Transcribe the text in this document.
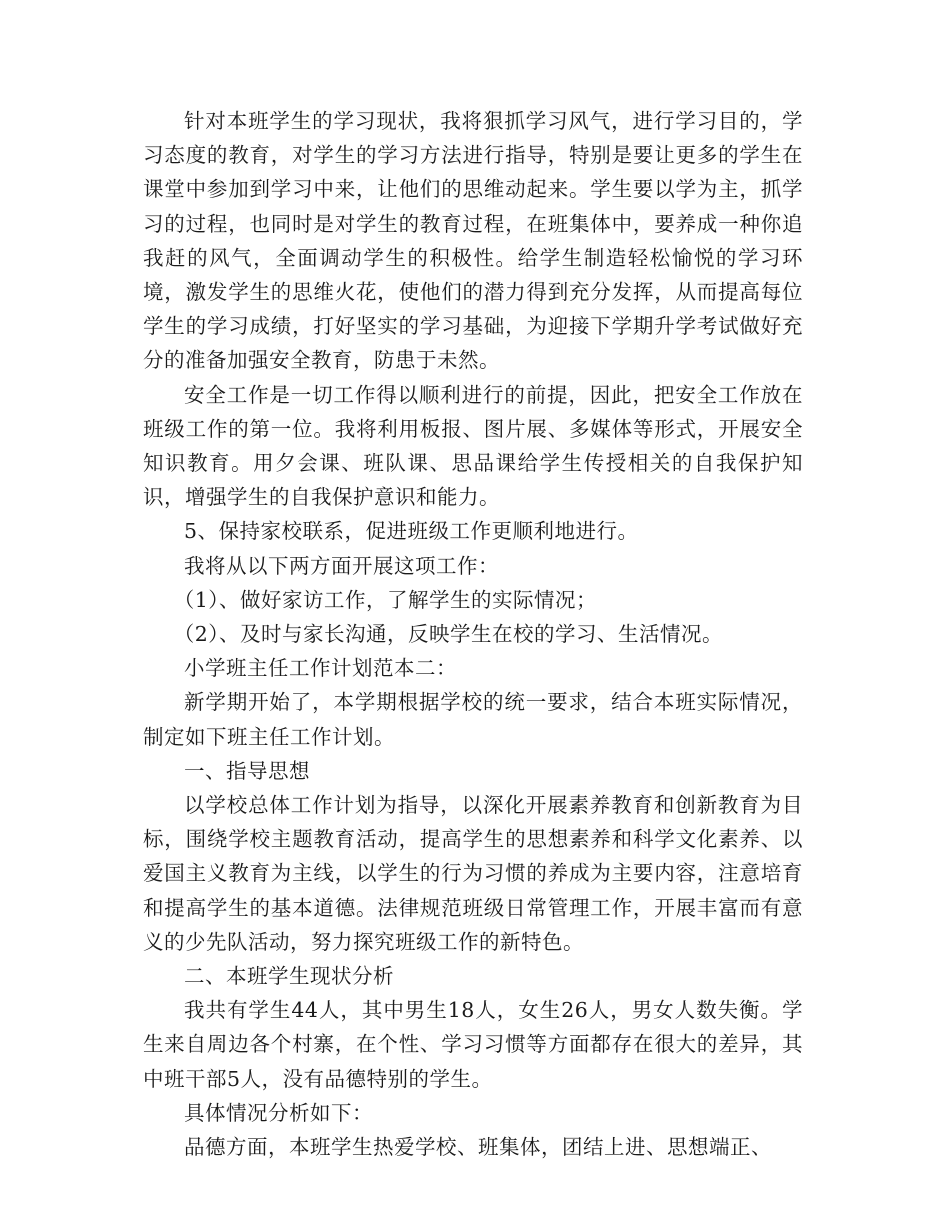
针对本班学生的学习现状，我将狠抓学习风气，进行学习目的，学习态度的教育，对学生的学习方法进行指导，特别是要让更多的学生在课堂中参加到学习中来，让他们的思维动起来。学生要以学为主，抓学习的过程，也同时是对学生的教育过程，在班集体中，要养成一种你追我赶的风气，全面调动学生的积极性。给学生制造轻松愉悦的学习环境，激发学生的思维火花，使他们的潜力得到充分发挥，从而提高每位学生的学习成绩，打好坚实的学习基础，为迎接下学期升学考试做好充分的准备加强安全教育，防患于未然。

安全工作是一切工作得以顺利进行的前提，因此，把安全工作放在班级工作的第一位。我将利用板报、图片展、多媒体等形式，开展安全知识教育。用夕会课、班队课、思品课给学生传授相关的自我保护知识，增强学生的自我保护意识和能力。

5、保持家校联系，促进班级工作更顺利地进行。

我将从以下两方面开展这项工作：

（1）、做好家访工作，了解学生的实际情况；

（2）、及时与家长沟通，反映学生在校的学习、生活情况。

小学班主任工作计划范本二：

新学期开始了，本学期根据学校的统一要求，结合本班实际情况，制定如下班主任工作计划。

一、指导思想

以学校总体工作计划为指导，以深化开展素养教育和创新教育为目标，围绕学校主题教育活动，提高学生的思想素养和科学文化素养、以爱国主义教育为主线，以学生的行为习惯的养成为主要内容，注意培育和提高学生的基本道德。法律规范班级日常管理工作，开展丰富而有意义的少先队活动，努力探究班级工作的新特色。

二、本班学生现状分析

我共有学生44人，其中男生18人，女生26人，男女人数失衡。学生来自周边各个村寨，在个性、学习习惯等方面都存在很大的差异，其中班干部5人，没有品德特别的学生。

具体情况分析如下：

品德方面，本班学生热爱学校、班集体，团结上进、思想端正、
